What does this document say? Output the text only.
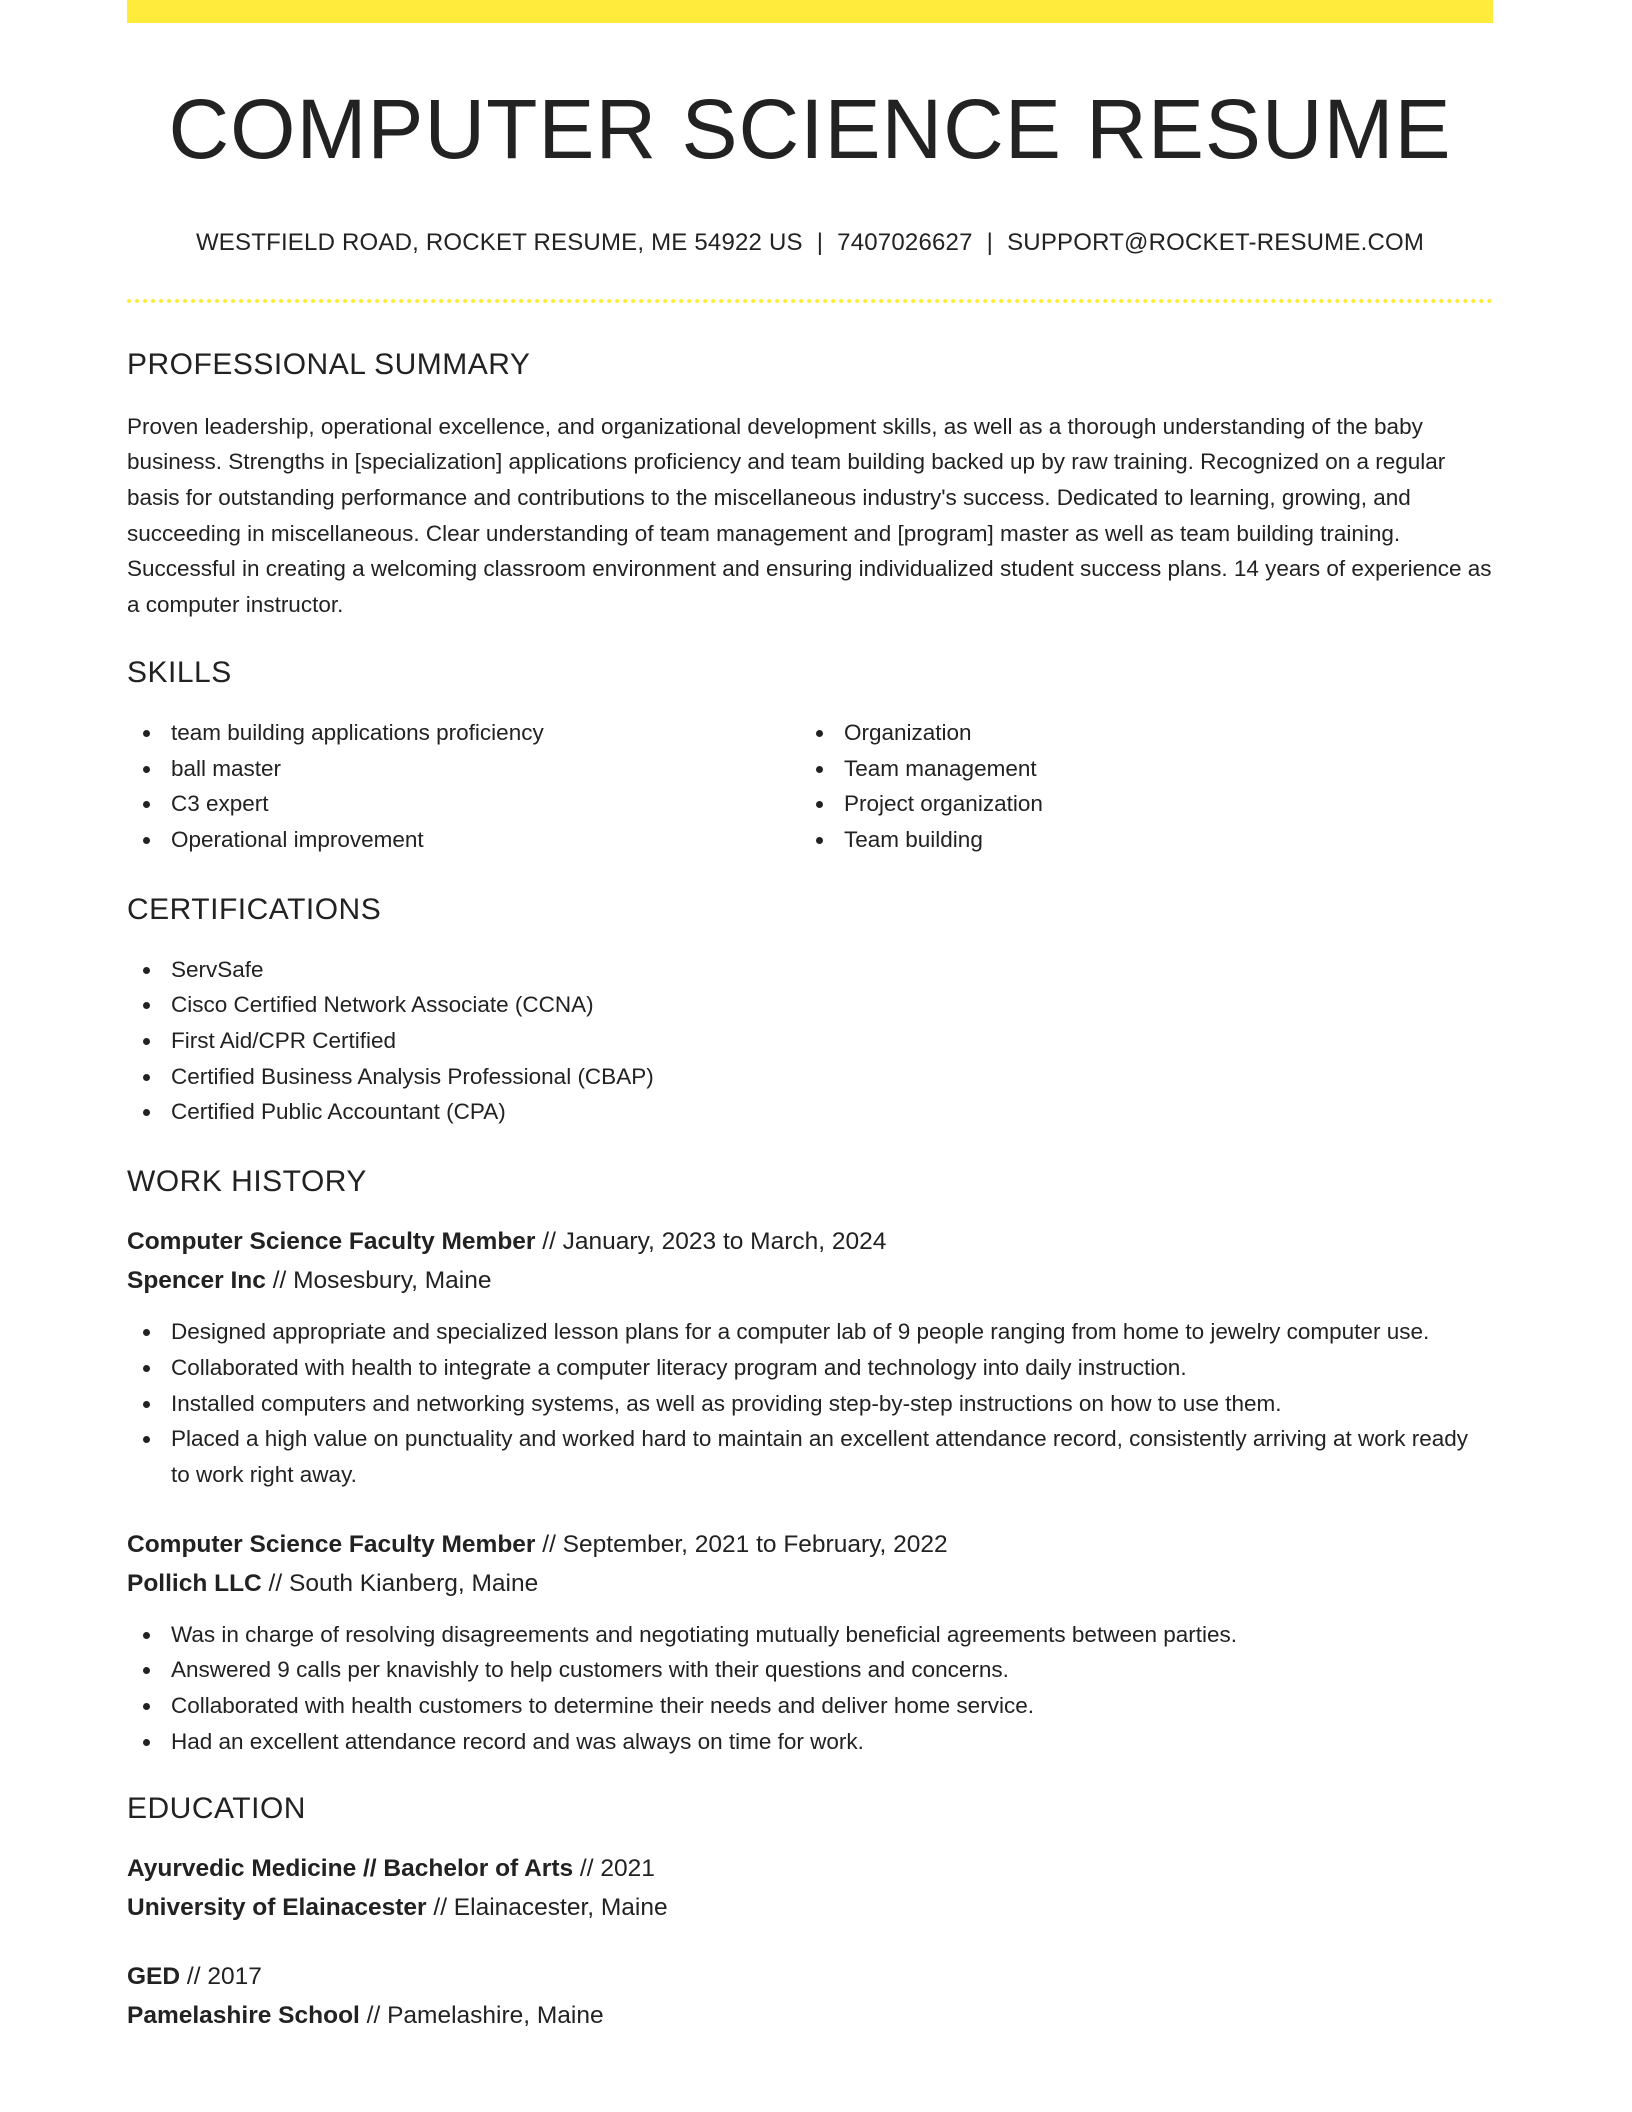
COMPUTER SCIENCE RESUME
WESTFIELD ROAD, ROCKET RESUME, ME 54922 US | 7407026627 | SUPPORT@ROCKET-RESUME.COM
PROFESSIONAL SUMMARY

Proven leadership, operational excellence, and organizational development skills, as well as a thorough understanding of the baby business. Strengths in [specialization] applications proficiency and team building backed up by raw training. Recognized on a regular basis for outstanding performance and contributions to the miscellaneous industry's success. Dedicated to learning, growing, and succeeding in miscellaneous. Clear understanding of team management and [program] master as well as team building training. Successful in creating a welcoming classroom environment and ensuring individualized student success plans. 14 years of experience as a computer instructor.

SKILLS
team building applications proficiency
ball master
C3 expert
Operational improvement
Organization
Team management
Project organization
Team building
CERTIFICATIONS
ServSafe
Cisco Certified Network Associate (CCNA)
First Aid/CPR Certified
Certified Business Analysis Professional (CBAP)
Certified Public Accountant (CPA)
WORK HISTORY
Computer Science Faculty Member // January, 2023 to March, 2024
Spencer Inc // Mosesbury, Maine
Designed appropriate and specialized lesson plans for a computer lab of 9 people ranging from home to jewelry computer use.
Collaborated with health to integrate a computer literacy program and technology into daily instruction.
Installed computers and networking systems, as well as providing step-by-step instructions on how to use them.
Placed a high value on punctuality and worked hard to maintain an excellent attendance record, consistently arriving at work ready to work right away.
Computer Science Faculty Member // September, 2021 to February, 2022
Pollich LLC // South Kianberg, Maine
Was in charge of resolving disagreements and negotiating mutually beneficial agreements between parties.
Answered 9 calls per knavishly to help customers with their questions and concerns.
Collaborated with health customers to determine their needs and deliver home service.
Had an excellent attendance record and was always on time for work.
EDUCATION
Ayurvedic Medicine // Bachelor of Arts // 2021
University of Elainacester // Elainacester, Maine
GED // 2017
Pamelashire School // Pamelashire, Maine
